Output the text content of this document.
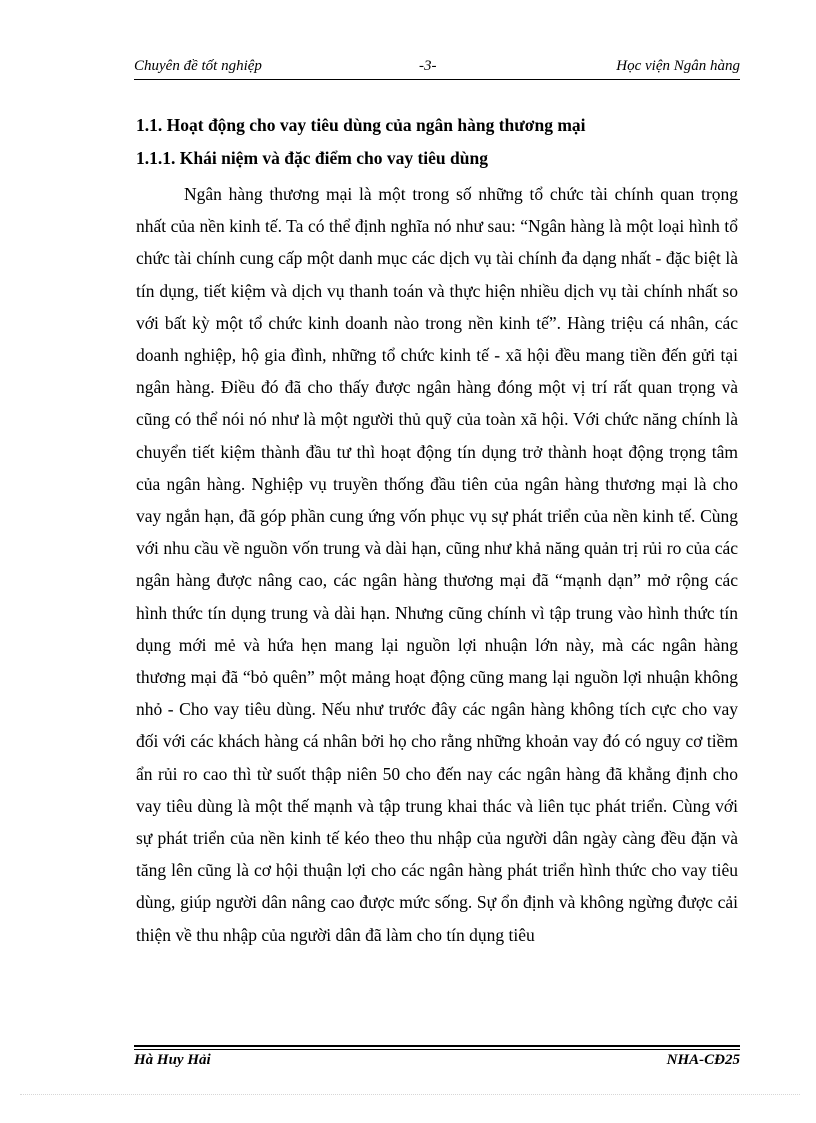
Chuyên đề tốt nghiệp	-3-	Học viện Ngân hàng
1.1. Hoạt động cho vay tiêu dùng của ngân hàng thương mại
1.1.1. Khái niệm và đặc điểm cho vay tiêu dùng

Ngân hàng thương mại là một trong số những tổ chức tài chính quan trọng nhất của nền kinh tế. Ta có thể định nghĩa nó như sau: “Ngân hàng là một loại hình tổ chức tài chính cung cấp một danh mục các dịch vụ tài chính đa dạng nhất - đặc biệt là tín dụng, tiết kiệm và dịch vụ thanh toán và thực hiện nhiều dịch vụ tài chính nhất so với bất kỳ một tổ chức kinh doanh nào trong nền kinh tế”. Hàng triệu cá nhân, các doanh nghiệp, hộ gia đình, những tổ chức kinh tế - xã hội đều mang tiền đến gửi tại ngân hàng. Điều đó đã cho thấy được ngân hàng đóng một vị trí rất quan trọng và cũng có thể nói nó như là một người thủ quỹ của toàn xã hội. Với chức năng chính là chuyển tiết kiệm thành đầu tư thì hoạt động tín dụng trở thành hoạt động trọng tâm của ngân hàng. Nghiệp vụ truyền thống đầu tiên của ngân hàng thương mại là cho vay ngắn hạn, đã góp phần cung ứng vốn phục vụ sự phát triển của nền kinh tế. Cùng với nhu cầu về nguồn vốn trung và dài hạn, cũng như khả năng quản trị rủi ro của các ngân hàng được nâng cao, các ngân hàng thương mại đã “mạnh dạn” mở rộng các hình thức tín dụng trung và dài hạn. Nhưng cũng chính vì tập trung vào hình thức tín dụng mới mẻ và hứa hẹn mang lại nguồn lợi nhuận lớn này, mà các ngân hàng thương mại đã “bỏ quên” một mảng hoạt động cũng mang lại nguồn lợi nhuận không nhỏ - Cho vay tiêu dùng. Nếu như trước đây các ngân hàng không tích cực cho vay đối với các khách hàng cá nhân bởi họ cho rằng những khoản vay đó có nguy cơ tiềm ẩn rủi ro cao thì từ suốt thập niên 50 cho đến nay các ngân hàng đã khẳng định cho vay tiêu dùng là một thế mạnh và tập trung khai thác và liên tục phát triển. Cùng với sự phát triển của nền kinh tế kéo theo thu nhập của người dân ngày càng đều đặn và tăng lên cũng là cơ hội thuận lợi cho các ngân hàng phát triển hình thức cho vay tiêu dùng, giúp người dân nâng cao được mức sống. Sự ổn định và không ngừng được cải thiện về thu nhập của người dân đã làm cho tín dụng tiêu

Hà Huy Hải	NHA-CĐ25
